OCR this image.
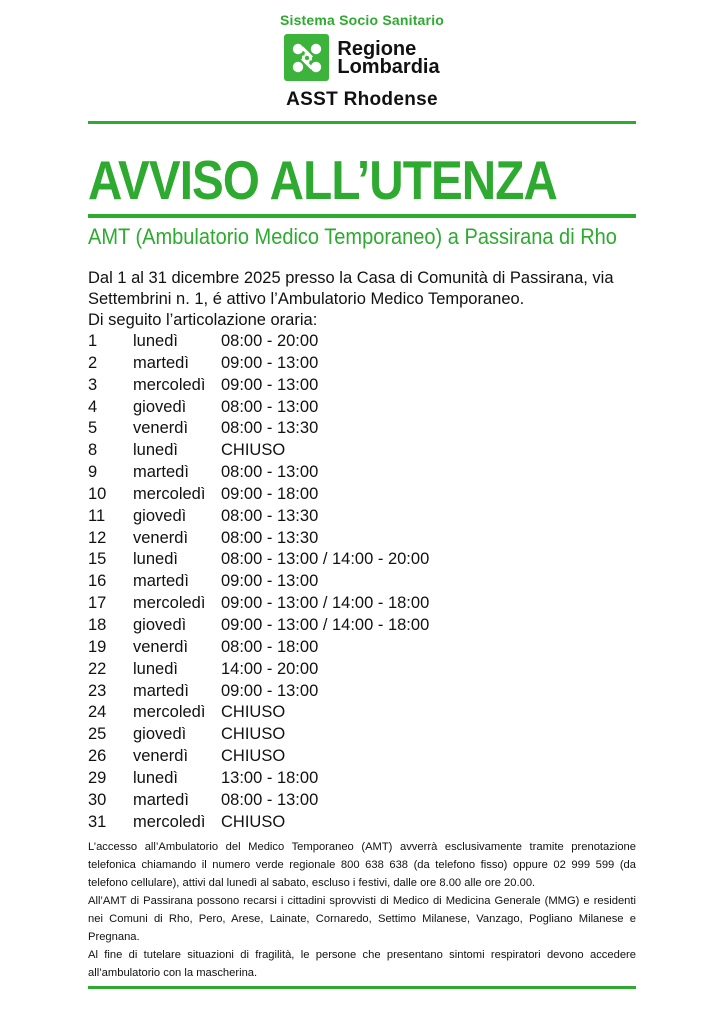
Sistema Socio Sanitario
Regione
Lombardia
ASST Rhodense
AVVISO ALL’UTENZA
AMT (Ambulatorio Medico Temporaneo) a Passirana di Rho

Dal 1 al 31 dicembre 2025 presso la Casa di Comunità di Passirana, via

Settembrini n. 1, é attivo l’Ambulatorio Medico Temporaneo.

Di seguito l’articolazione oraria:

1	lunedì	08:00 - 20:00
2	martedì	09:00 - 13:00
3	mercoledì 09:00 - 13:00
4	giovedì	08:00 - 13:00
5	venerdì	08:00 - 13:30
8	lunedì	CHIUSO
9	martedì	08:00 - 13:00
10	mercoledì 09:00 - 18:00
11	giovedì	08:00 - 13:30
12	venerdì	08:00 - 13:30
15	lunedì	08:00 - 13:00 / 14:00 - 20:00
16	martedì	09:00 - 13:00
17	mercoledì 09:00 - 13:00 / 14:00 - 18:00
18	giovedì	09:00 - 13:00 / 14:00 - 18:00
19	venerdì	08:00 - 18:00
22	lunedì	14:00 - 20:00
23	martedì	09:00 - 13:00
24	mercoledì CHIUSO
25	giovedì	CHIUSO
26	venerdì	CHIUSO
29	lunedì	13:00 - 18:00
30	martedì	08:00 - 13:00
31	mercoledì CHIUSO

L’accesso all’Ambulatorio del Medico Temporaneo (AMT) avverrà esclusivamente tramite prenotazione telefonica chiamando il numero verde regionale 800 638 638 (da telefono fisso) oppure 02 999 599 (da telefono cellulare), attivi dal lunedì al sabato, escluso i festivi, dalle ore 8.00 alle ore 20.00.

All’AMT di Passirana possono recarsi i cittadini sprovvisti di Medico di Medicina Generale (MMG) e residenti nei Comuni di Rho, Pero, Arese, Lainate, Cornaredo, Settimo Milanese, Vanzago, Pogliano Milanese e Pregnana.

Al fine di tutelare situazioni di fragilità, le persone che presentano sintomi respiratori devono accedere all’ambulatorio con la mascherina.
